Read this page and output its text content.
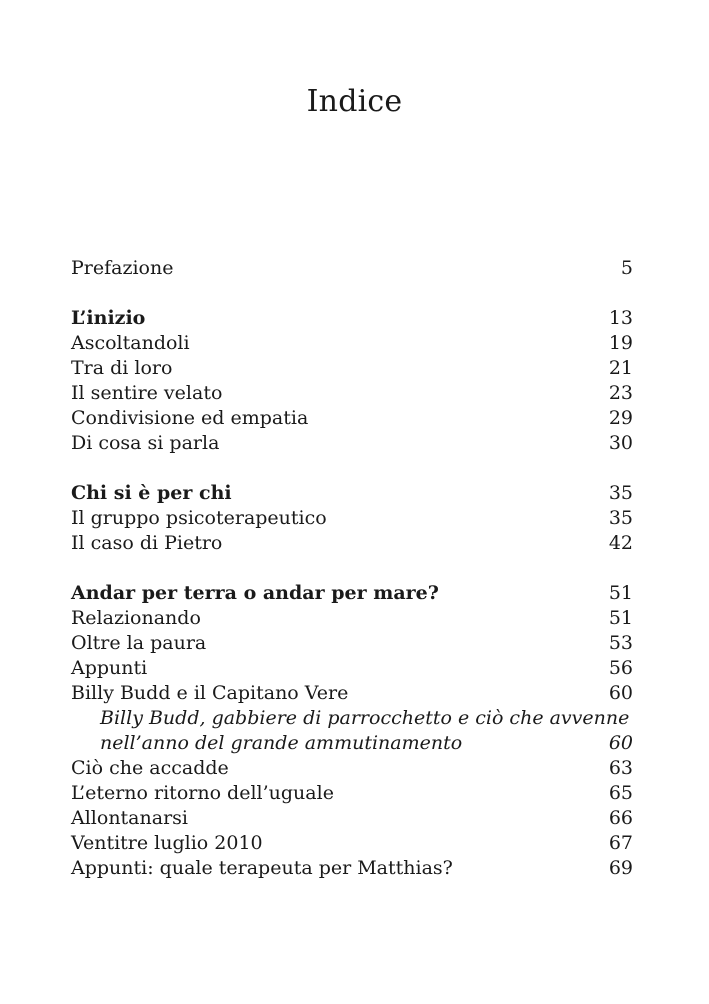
Indice
Prefazione	5
L’inizio	13
Ascoltandoli	19
Tra di loro	21
Il sentire velato	23
Condivisione ed empatia	29
Di cosa si parla	30
Chi si è per chi	35
Il gruppo psicoterapeutico	35
Il caso di Pietro	42
Andar per terra o andar per mare?	51
Relazionando	51
Oltre la paura	53
Appunti	56
Billy Budd e il Capitano Vere	60
Billy Budd, gabbiere di parrocchetto e ciò che avvenne
nell’anno del grande ammutinamento	60
Ciò che accadde	63
L’eterno ritorno dell’uguale	65
Allontanarsi	66
Ventitre luglio 2010	67
Appunti: quale terapeuta per Matthias?	69
